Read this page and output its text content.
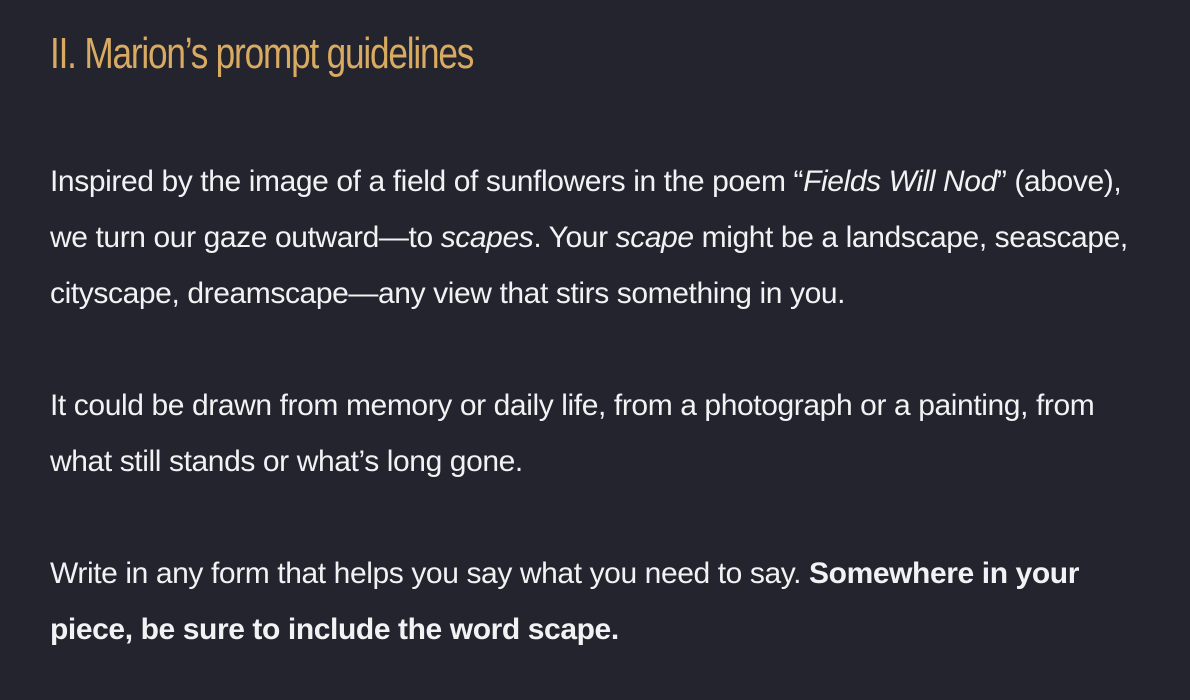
II. Marion’s prompt guidelines

Inspired by the image of a field of sunflowers in the poem “Fields Will Nod” (above), we turn our gaze outward—to scapes. Your scape might be a landscape, seascape, cityscape, dreamscape—any view that stirs something in you.

It could be drawn from memory or daily life, from a photograph or a painting, from what still stands or what’s long gone.

Write in any form that helps you say what you need to say. Somewhere in your piece, be sure to include the word scape.
